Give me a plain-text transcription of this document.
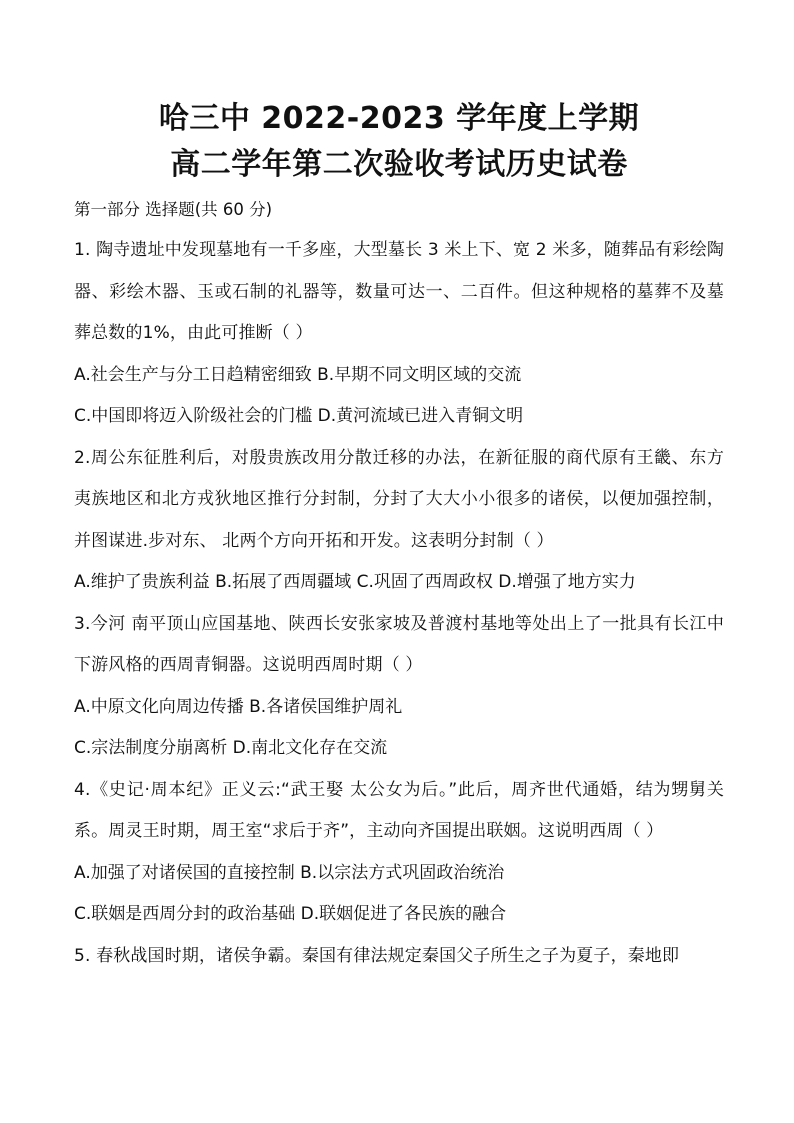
哈三中 2022-2023 学年度上学期
高二学年第二次验收考试历史试卷
第一部分 选择题(共 60 分)

1. 陶寺遗址中发现墓地有一千多座，大型墓长 3 米上下、宽 2 米多，随葬品有彩绘陶器、彩绘木器、玉或石制的礼器等，数量可达一、二百件。但这种规格的墓葬不及墓葬总数的1%，由此可推断（ ）

A.社会生产与分工日趋精密细致 B.早期不同文明区域的交流

C.中国即将迈入阶级社会的门槛 D.黄河流域已进入青铜文明

2.周公东征胜利后，对殷贵族改用分散迁移的办法，在新征服的商代原有王畿、东方夷族地区和北方戎狄地区推行分封制，分封了大大小小很多的诸侯，以便加强控制，并图谋进.步对东、 北两个方向开拓和开发。这表明分封制（ ）

A.维护了贵族利益 B.拓展了西周疆域 C.巩固了西周政权 D.增强了地方实力

3.今河 南平顶山应国基地、陕西长安张家坡及普渡村基地等处出上了一批具有长江中下游风格的西周青铜器。这说明西周时期（ ）

A.中原文化向周边传播 B.各诸侯国维护周礼

C.宗法制度分崩离析 D.南北文化存在交流

4.《史记·周本纪》正义云:“武王娶 太公女为后。”此后，周齐世代通婚，结为甥舅关系。周灵王时期，周王室“求后于齐”，主动向齐国提出联姻。这说明西周（ ）

A.加强了对诸侯国的直接控制 B.以宗法方式巩固政治统治

C.联姻是西周分封的政治基础 D.联姻促进了各民族的融合

5. 春秋战国时期，诸侯争霸。秦国有律法规定秦国父子所生之子为夏子，秦地即
